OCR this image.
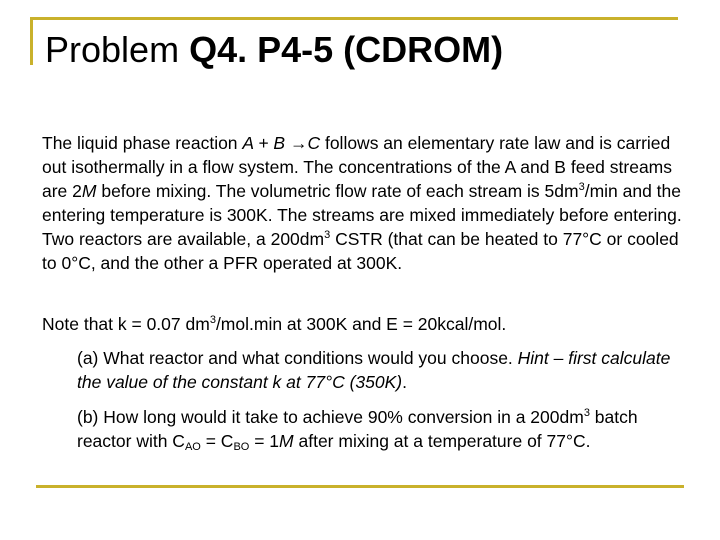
Problem Q4. P4-5 (CDROM)

The liquid phase reaction A + B →C follows an elementary rate law and is carried out isothermally in a flow system. The concentrations of the A and B feed streams are 2M before mixing. The volumetric flow rate of each stream is $5dm^3/\min$ and the entering temperature is 300K. The streams are mixed immediately before entering. Two reactors are available, a $200dm^3$ CSTR (that can be heated to 77°C or cooled to 0°C, and the other a PFR operated at 300K.

Note that k = 0.07 $dm^3/mol.\min$ at 300K and E = 20kcal/mol.

(a) What reactor and what conditions would you choose. Hint – first calculate the value of the constant k at 77°C (350K).

(b) How long would it take to achieve 90% conversion in a $200dm^3$ batch reactor with $C_{AO} = C_{BO} = 1M$ after mixing at a temperature of 77°C.
